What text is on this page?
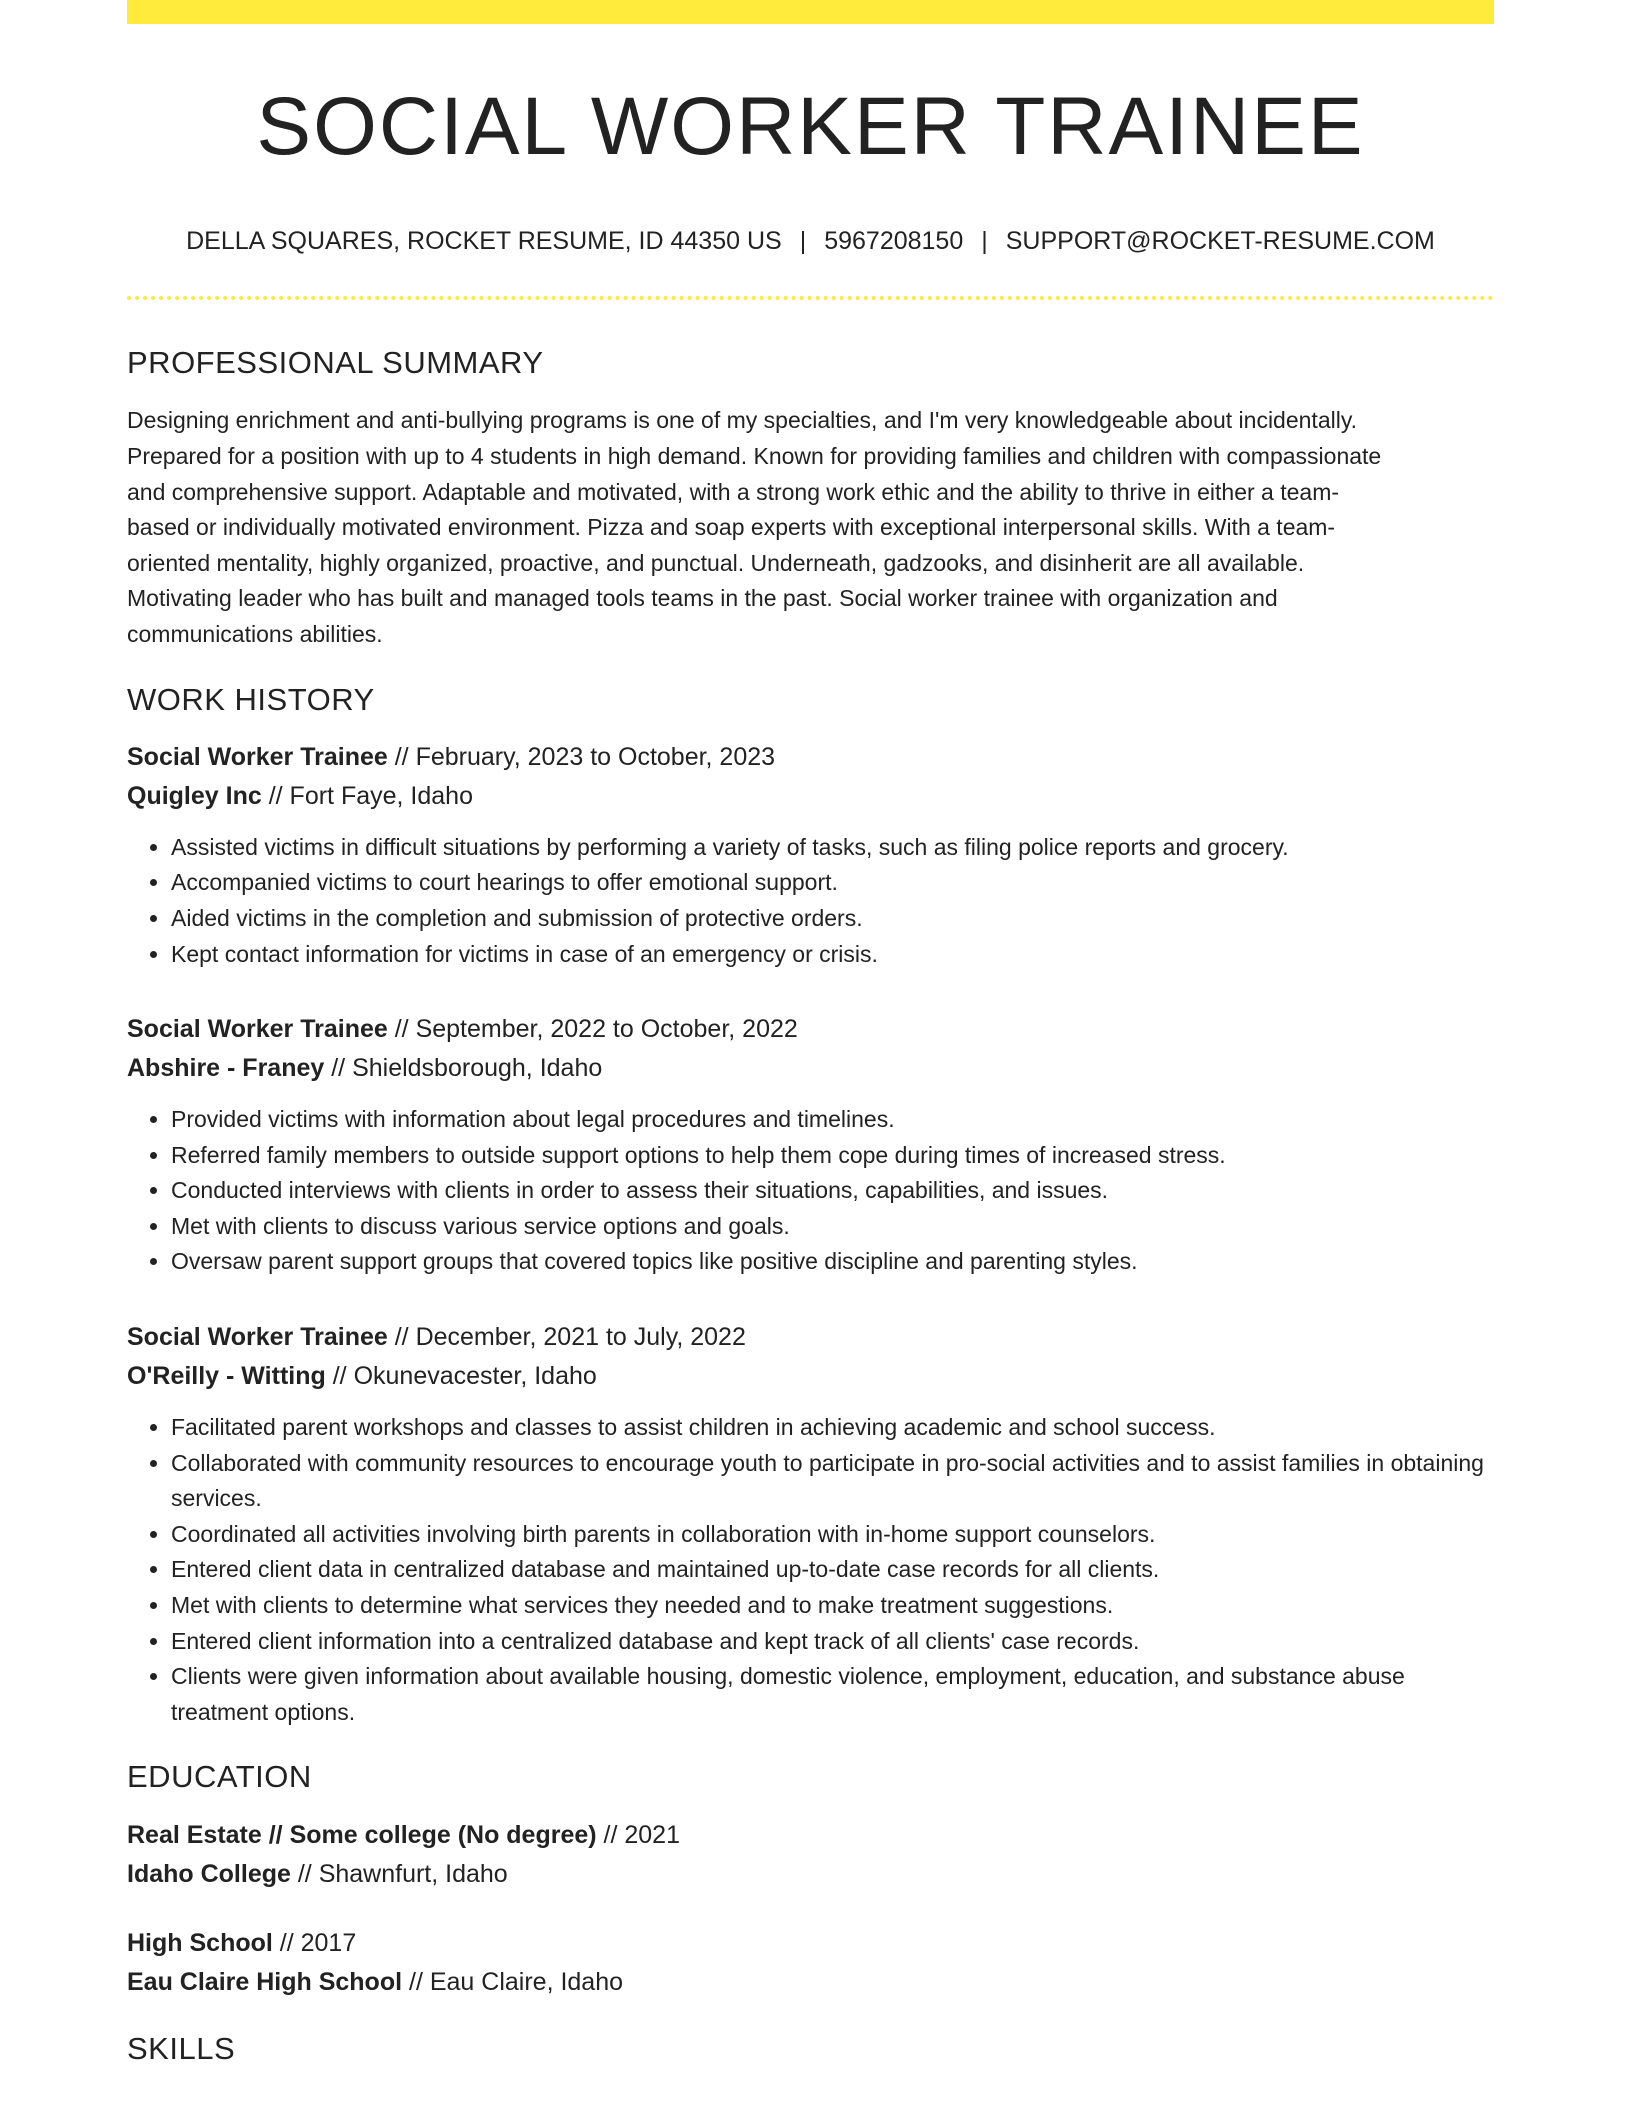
SOCIAL WORKER TRAINEE
DELLA SQUARES, ROCKET RESUME, ID 44350 US | 5967208150 | SUPPORT@ROCKET-RESUME.COM
PROFESSIONAL SUMMARY
Designing enrichment and anti-bullying programs is one of my specialties, and I'm very knowledgeable about incidentally.
Prepared for a position with up to 4 students in high demand. Known for providing families and children with compassionate
and comprehensive support. Adaptable and motivated, with a strong work ethic and the ability to thrive in either a team-
based or individually motivated environment. Pizza and soap experts with exceptional interpersonal skills. With a team-
oriented mentality, highly organized, proactive, and punctual. Underneath, gadzooks, and disinherit are all available.
Motivating leader who has built and managed tools teams in the past. Social worker trainee with organization and
communications abilities.
WORK HISTORY
Social Worker Trainee // February, 2023 to October, 2023
Quigley Inc // Fort Faye, Idaho
• Assisted victims in difficult situations by performing a variety of tasks, such as filing police reports and grocery.
• Accompanied victims to court hearings to offer emotional support.
• Aided victims in the completion and submission of protective orders.
• Kept contact information for victims in case of an emergency or crisis.
Social Worker Trainee // September, 2022 to October, 2022
Abshire - Franey // Shieldsborough, Idaho
• Provided victims with information about legal procedures and timelines.
• Referred family members to outside support options to help them cope during times of increased stress.
• Conducted interviews with clients in order to assess their situations, capabilities, and issues.
• Met with clients to discuss various service options and goals.
• Oversaw parent support groups that covered topics like positive discipline and parenting styles.
Social Worker Trainee // December, 2021 to July, 2022
O'Reilly - Witting // Okunevacester, Idaho
• Facilitated parent workshops and classes to assist children in achieving academic and school success.
• Collaborated with community resources to encourage youth to participate in pro-social activities and to assist families in obtaining services.
• Coordinated all activities involving birth parents in collaboration with in-home support counselors.
• Entered client data in centralized database and maintained up-to-date case records for all clients.
• Met with clients to determine what services they needed and to make treatment suggestions.
• Entered client information into a centralized database and kept track of all clients' case records.
• Clients were given information about available housing, domestic violence, employment, education, and substance abuse treatment options.
EDUCATION
Real Estate // Some college (No degree) // 2021
Idaho College // Shawnfurt, Idaho
High School // 2017
Eau Claire High School // Eau Claire, Idaho
SKILLS
